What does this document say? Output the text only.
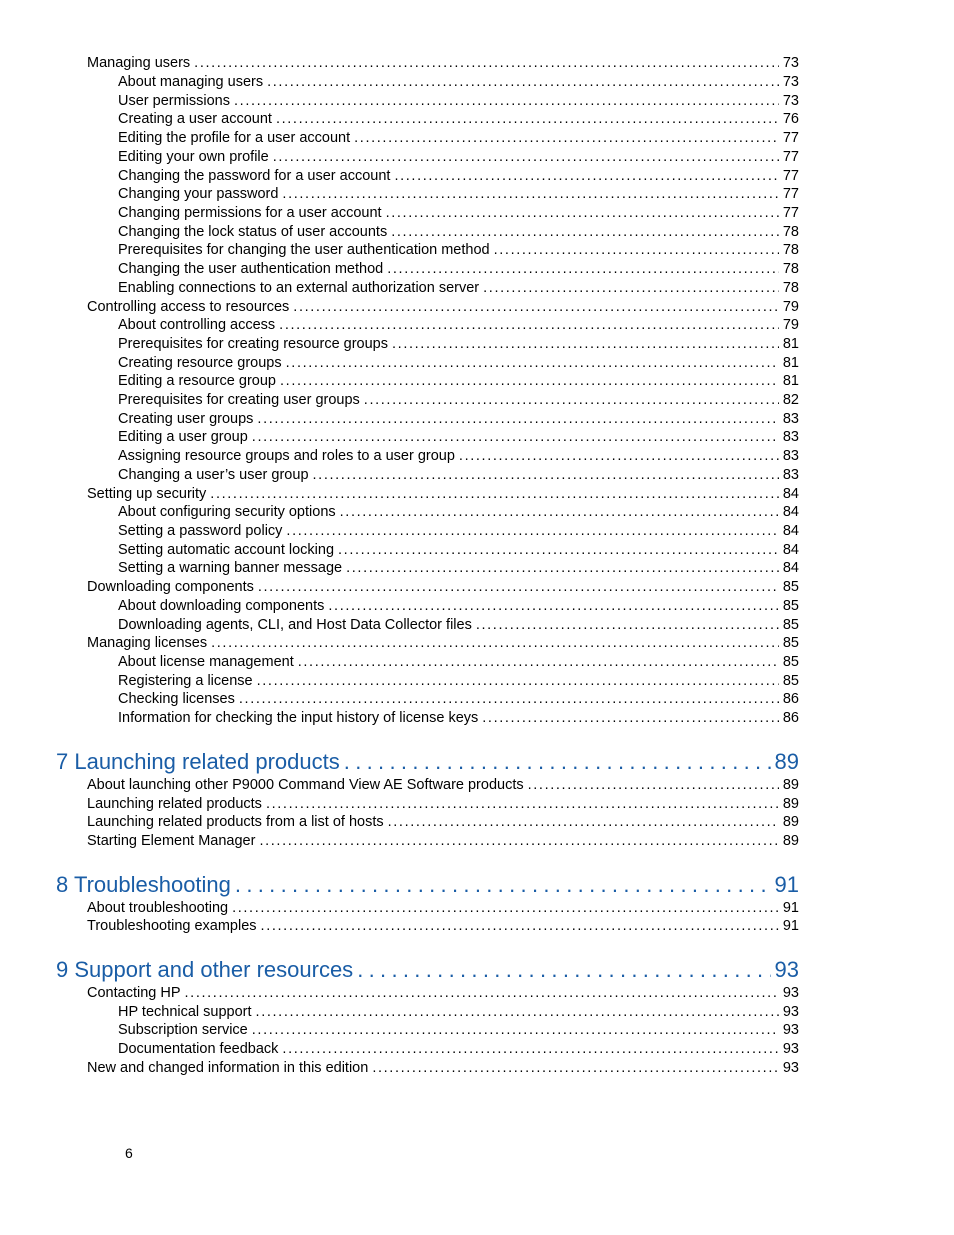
Managing users . . .	73
About managing users . . .	73
User permissions . . .	73
Creating a user account . . .	76
Editing the profile for a user account . . .	77
Editing your own profile . . .	77
Changing the password for a user account . . .	77
Changing your password . . .	77
Changing permissions for a user account . . .	77
Changing the lock status of user accounts . . .	78
Prerequisites for changing the user authentication method . . .	78
Changing the user authentication method . . .	78
Enabling connections to an external authorization server . . .	78
Controlling access to resources . . .	79
About controlling access . . .	79
Prerequisites for creating resource groups . . .	81
Creating resource groups . . .	81
Editing a resource group . . .	81
Prerequisites for creating user groups . . .	82
Creating user groups . . .	83
Editing a user group . . .	83
Assigning resource groups and roles to a user group . . .	83
Changing a user’s user group . . .	83
Setting up security . . .	84
About configuring security options . . .	84
Setting a password policy . . .	84
Setting automatic account locking . . .	84
Setting a warning banner message . . .	84
Downloading components . . .	85
About downloading components . . .	85
Downloading agents, CLI, and Host Data Collector files . . .	85
Managing licenses . . .	85
About license management . . .	85
Registering a license . . .	85
Checking licenses . . .	86
Information for checking the input history of license keys . . .	86
7 Launching related products . . .	89
About launching other P9000 Command View AE Software products . . .	89
Launching related products . . .	89
Launching related products from a list of hosts . . .	89
Starting Element Manager . . .	89
8 Troubleshooting . . .	91
About troubleshooting . . .	91
Troubleshooting examples . . .	91
9 Support and other resources . . .	93
Contacting HP . . .	93
HP technical support . . .	93
Subscription service . . .	93
Documentation feedback . . .	93
New and changed information in this edition . . .	93
6
